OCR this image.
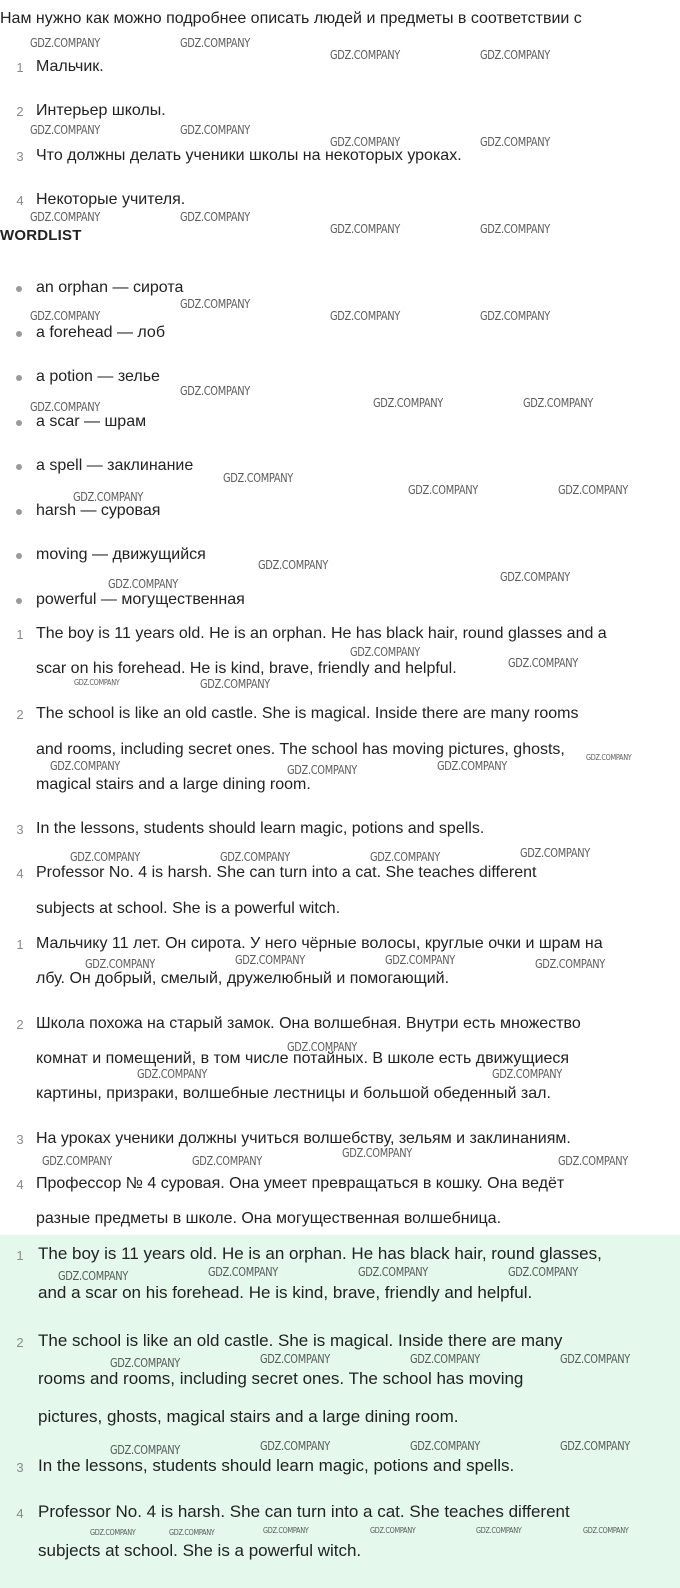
Нам нужно как можно подробнее описать людей и предметы в соответствии с
1 Мальчик.
2 Интерьер школы.
3 Что должны делать ученики школы на некоторых уроках.
4 Некоторые учителя.
WORDLIST
an orphan — сирота
a forehead — лоб
a potion — зелье
a scar — шрам
a spell — заклинание
harsh — суровая
moving — движущийся
powerful — могущественная
1 The boy is 11 years old. He is an orphan. He has black hair, round glasses and a
scar on his forehead. He is kind, brave, friendly and helpful.
2 The school is like an old castle. She is magical. Inside there are many rooms
and rooms, including secret ones. The school has moving pictures, ghosts,
magical stairs and a large dining room.
3 In the lessons, students should learn magic, potions and spells.
4 Professor No. 4 is harsh. She can turn into a cat. She teaches different
subjects at school. She is a powerful witch.
1 Мальчику 11 лет. Он сирота. У него чёрные волосы, круглые очки и шрам на
лбу. Он добрый, смелый, дружелюбный и помогающий.
2 Школа похожа на старый замок. Она волшебная. Внутри есть множество
комнат и помещений, в том числе потайных. В школе есть движущиеся
картины, призраки, волшебные лестницы и большой обеденный зал.
3 На уроках ученики должны учиться волшебству, зельям и заклинаниям.
4 Профессор № 4 суровая. Она умеет превращаться в кошку. Она ведёт
разные предметы в школе. Она могущественная волшебница.
1 The boy is 11 years old. He is an orphan. He has black hair, round glasses,
and a scar on his forehead. He is kind, brave, friendly and helpful.
2 The school is like an old castle. She is magical. Inside there are many
rooms and rooms, including secret ones. The school has moving
pictures, ghosts, magical stairs and a large dining room.
3 In the lessons, students should learn magic, potions and spells.
4 Professor No. 4 is harsh. She can turn into a cat. She teaches different
subjects at school. She is a powerful witch.
GDZ.COMPANY	GDZ.COMPANY
GDZ.COMPANY	GDZ.COMPANY
GDZ.COMPANY	GDZ.COMPANY
GDZ.COMPANY	GDZ.COMPANY
GDZ.COMPANY	GDZ.COMPANY
GDZ.COMPANY	GDZ.COMPANY
GDZ.COMPANY
GDZ.COMPANY	GDZ.COMPANY	GDZ.COMPANY
GDZ.COMPANY
GDZ.COMPANY	GDZ.COMPANY	GDZ.COMPANY
GDZ.COMPANY
GDZ.COMPANY	GDZ.COMPANY	GDZ.COMPANY
GDZ.COMPANY
GDZ.COMPANY	GDZ.COMPANY
GDZ.COMPANY
GDZ.COMPANY
GDZ.COMPANY	GDZ.COMPANY
GDZ.COMPANY
GDZ.COMPANY	GDZ.COMPANY	GDZ.COMPANY
GDZ.COMPANY	GDZ.COMPANY	GDZ.COMPANY	GDZ.COMPANY
GDZ.COMPANY	GDZ.COMPANY	GDZ.COMPANY	GDZ.COMPANY
GDZ.COMPANY
GDZ.COMPANY	GDZ.COMPANY
GDZ.COMPANY
GDZ.COMPANY	GDZ.COMPANY	GDZ.COMPANY
GDZ.COMPANY	GDZ.COMPANY	GDZ.COMPANY	GDZ.COMPANY
GDZ.COMPANY	GDZ.COMPANY	GDZ.COMPANY	GDZ.COMPANY
GDZ.COMPANY	GDZ.COMPANY	GDZ.COMPANY	GDZ.COMPANY
GDZ.COMPANY	GDZ.COMPANY	GDZ.COMPANY	GDZ.COMPANY	GDZ.COMPANY	GDZ.COMPANY
